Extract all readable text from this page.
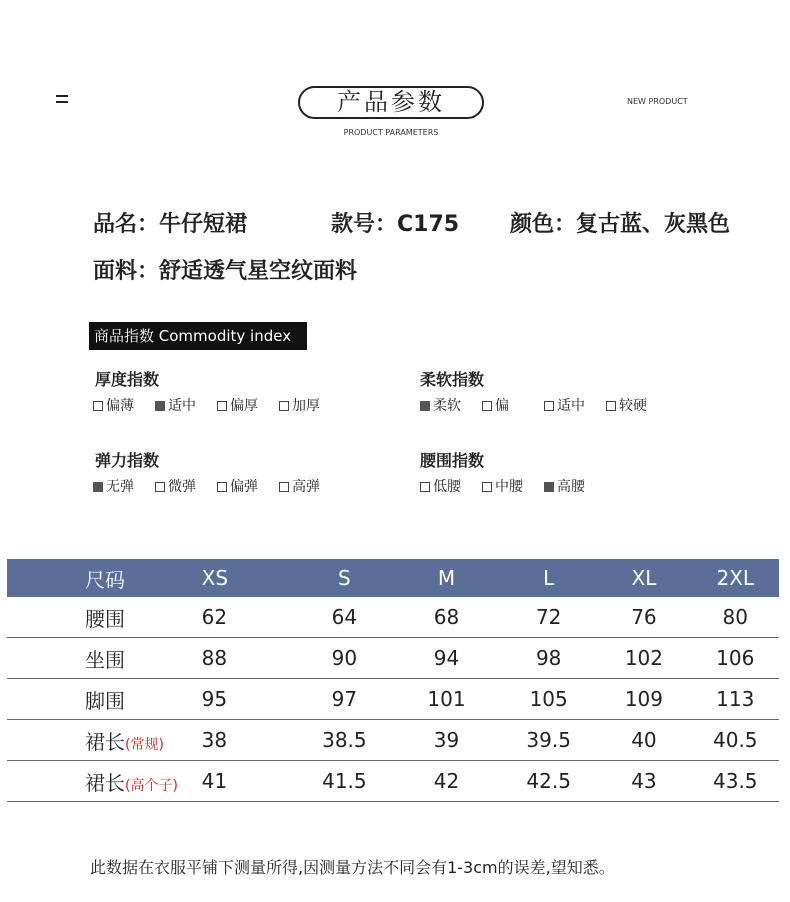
产品参数
PRODUCT PARAMETERS
NEW PRODUCT
品名：牛仔短裙	款号：C175 颜色：复古蓝、灰黑色
面料：舒适透气星空纹面料
商品指数 Commodity index
厚度指数
偏薄	适中	偏厚	加厚
柔软指数
柔软	偏	适中	较硬
弹力指数
无弹	微弹	偏弹	高弹
腰围指数
低腰	中腰	高腰
尺码	XS	S	M	L	XL	2XL
腰围	62	64	68	72	76	80
坐围	88	90	94	98	102	106
脚围	95	97	101	105	109	113
裙长(常规)	38	38.5	39	39.5	40	40.5
裙长(高个子)	41	41.5	42	42.5	43	43.5
此数据在衣服平铺下测量所得,因测量方法不同会有1-3cm的误差,望知悉。
